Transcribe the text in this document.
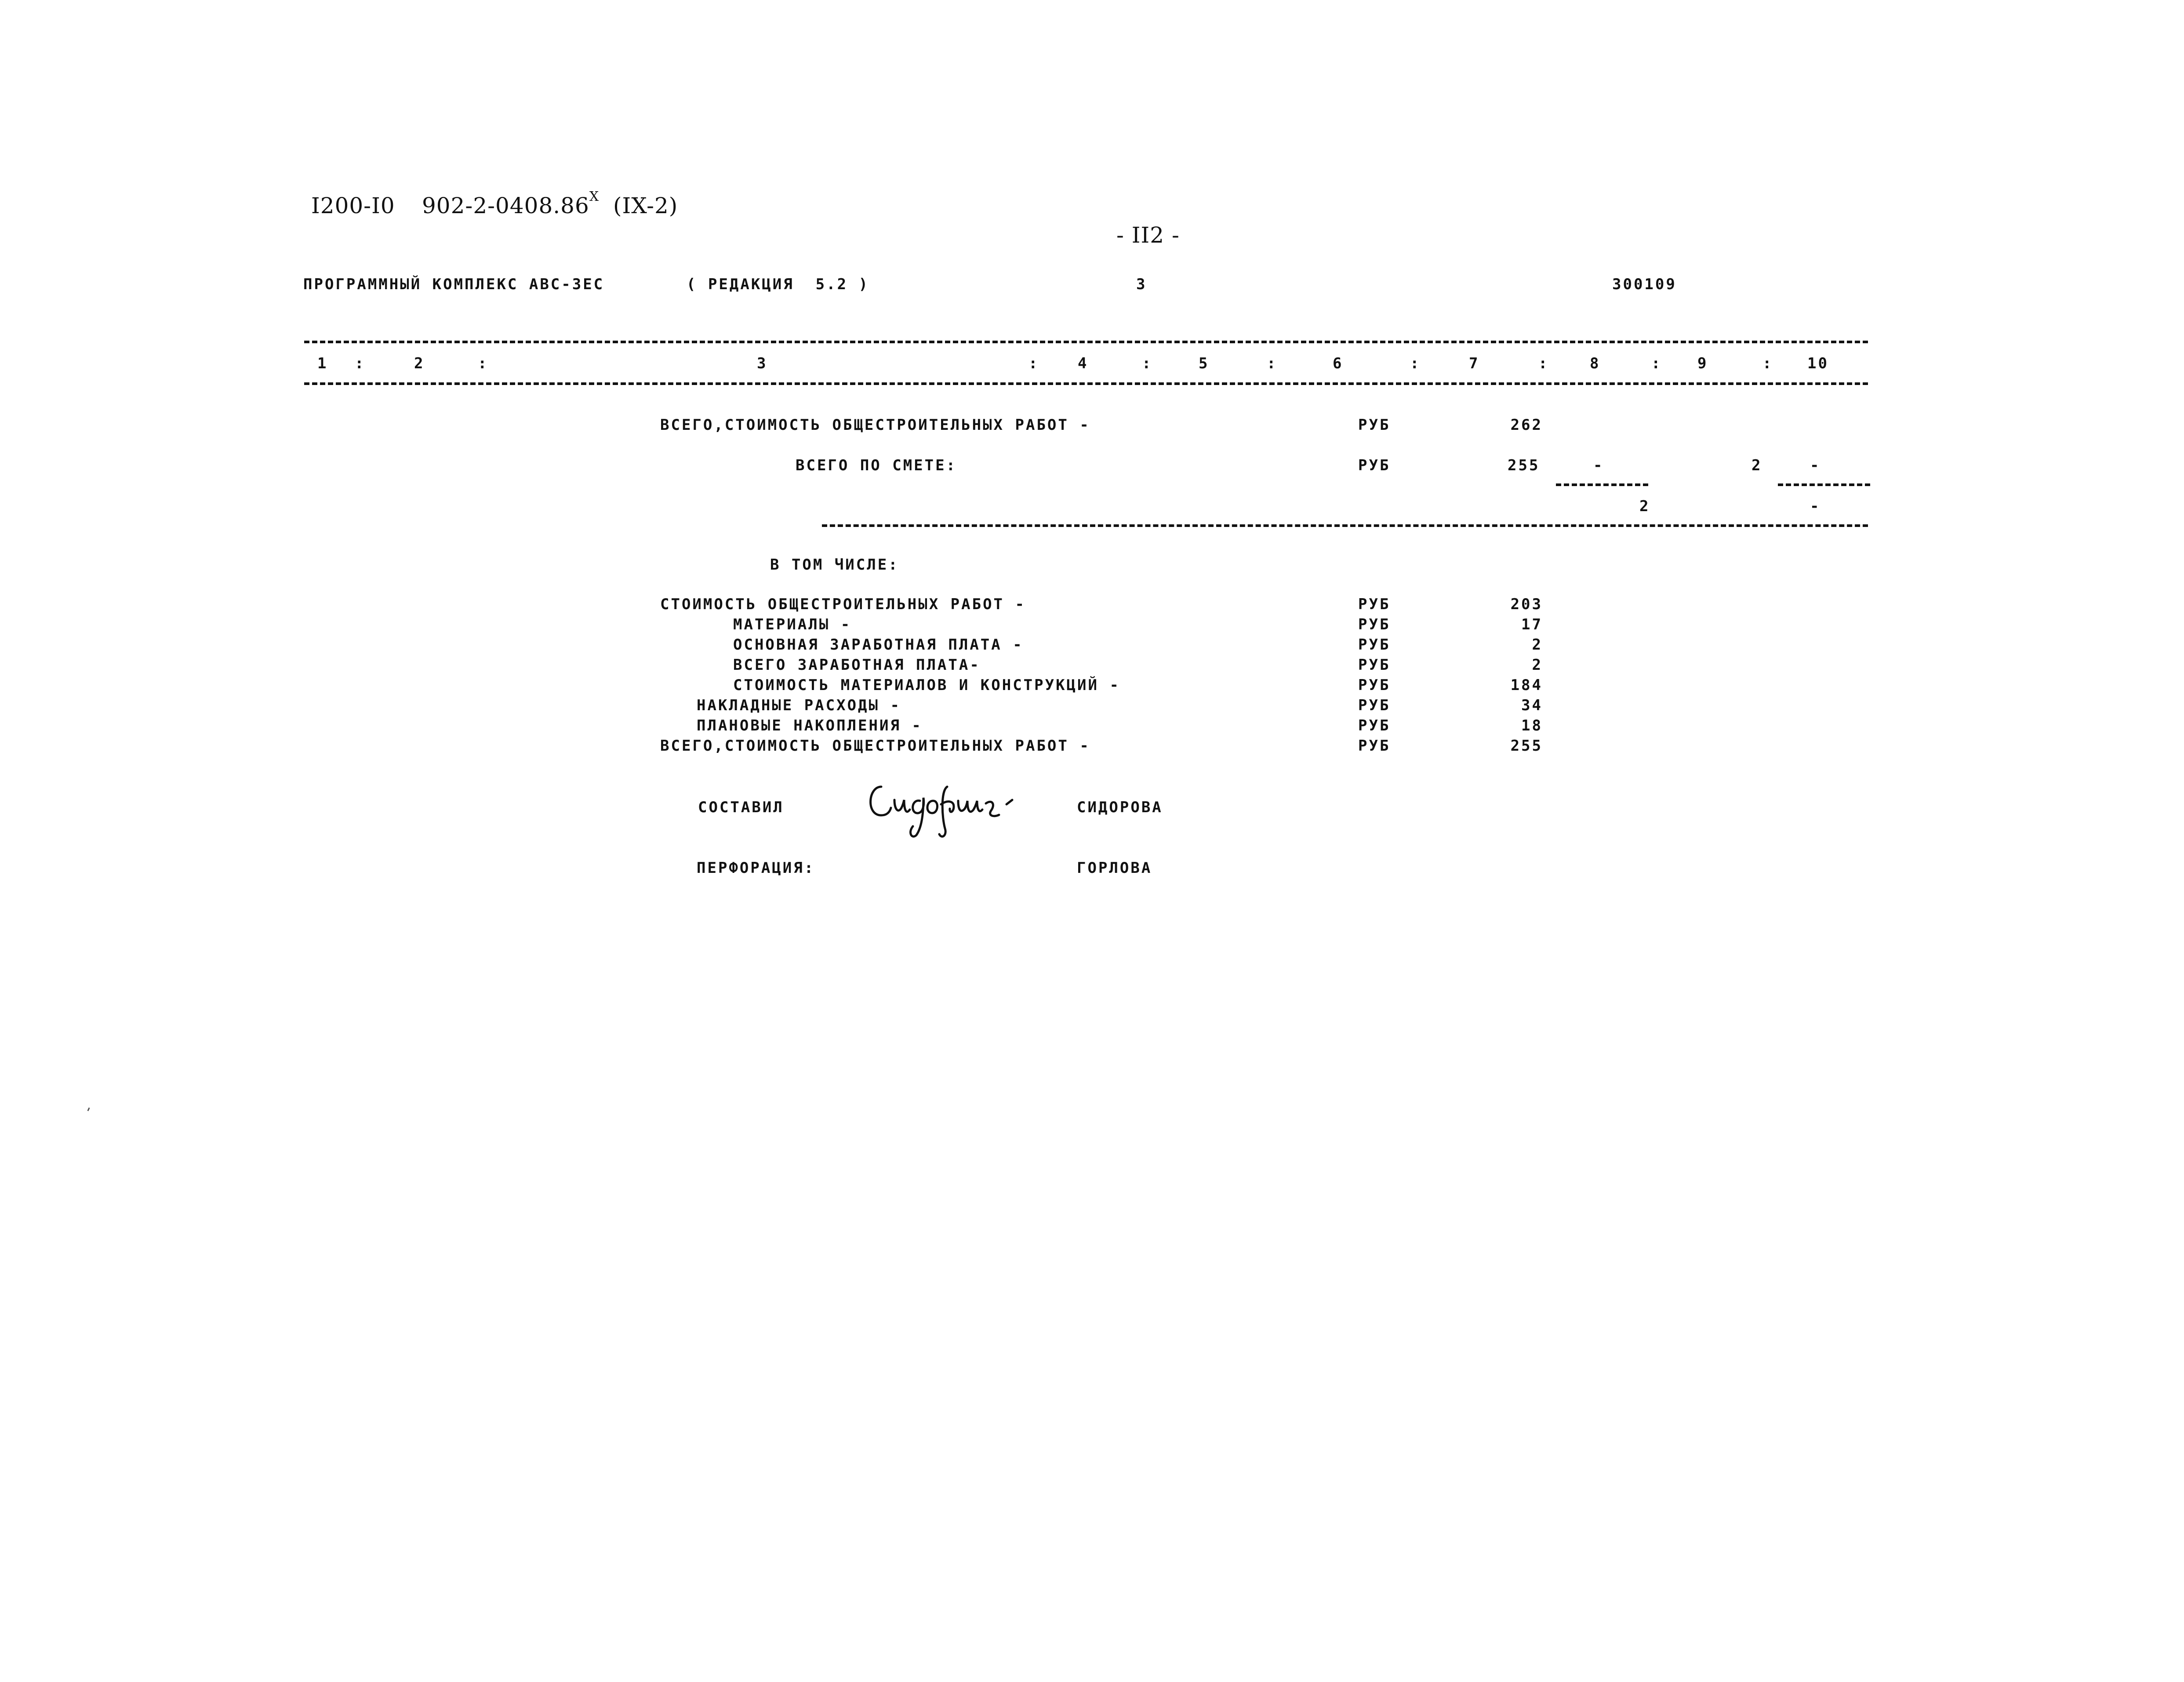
I200-I0 $902-2-0408.86^X$ (IX-2)
- II2 -
ПРОГРАММНЫЙ КОМПЛЕКС АВС-ЗЕС	( РЕДАКЦИЯ  5.2 )	3	300109
1 :	2	:	3	:	4	:	5	:	6	:	7	:	8	: 9	: 10
ВСЕГО,СТОИМОСТЬ ОБЩЕСТРОИТЕЛЬНЫХ РАБОТ -	РУБ	262
ВСЕГО ПО СМЕТЕ:	РУБ	255	-	2	-
2	-
В ТОМ ЧИСЛЕ:
СТОИМОСТЬ ОБЩЕСТРОИТЕЛЬНЫХ РАБОТ -	РУБ	203
МАТЕРИАЛЫ -	РУБ	17
ОСНОВНАЯ ЗАРАБОТНАЯ ПЛАТА -	РУБ	2
ВСЕГО ЗАРАБОТНАЯ ПЛАТА-	РУБ	2
СТОИМОСТЬ МАТЕРИАЛОВ И КОНСТРУКЦИЙ -	РУБ	184
НАКЛАДНЫЕ РАСХОДЫ -	РУБ	34
ПЛАНОВЫЕ НАКОПЛЕНИЯ -	РУБ	18
ВСЕГО,СТОИМОСТЬ ОБЩЕСТРОИТЕЛЬНЫХ РАБОТ -	РУБ	255
СОСТАВИЛ	СИДОРОВА
ПЕРФОРАЦИЯ:	ГОРЛОВА
